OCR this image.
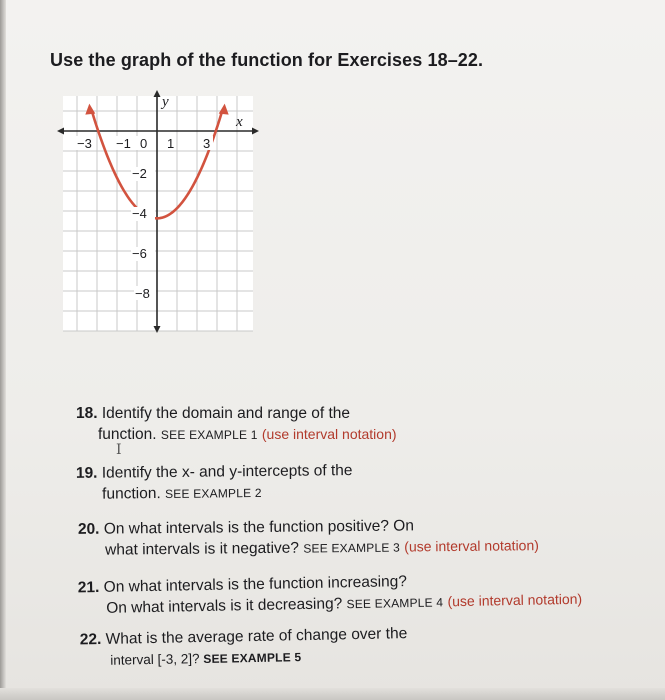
Use the graph of the function for Exercises 18–22.
y
x
−3 −1 0 1 3
−2
−4
−6
−8
18. Identify the domain and range of the
function. SEE EXAMPLE 1 (use interval notation)
I
19. Identify the x- and y-intercepts of the
function. SEE EXAMPLE 2
20. On what intervals is the function positive? On
what intervals is it negative? SEE EXAMPLE 3 (use interval notation)
21. On what intervals is the function increasing?
On what intervals is it decreasing? SEE EXAMPLE 4 (use interval notation)
22. What is the average rate of change over the
interval [-3, 2]? SEE EXAMPLE 5
